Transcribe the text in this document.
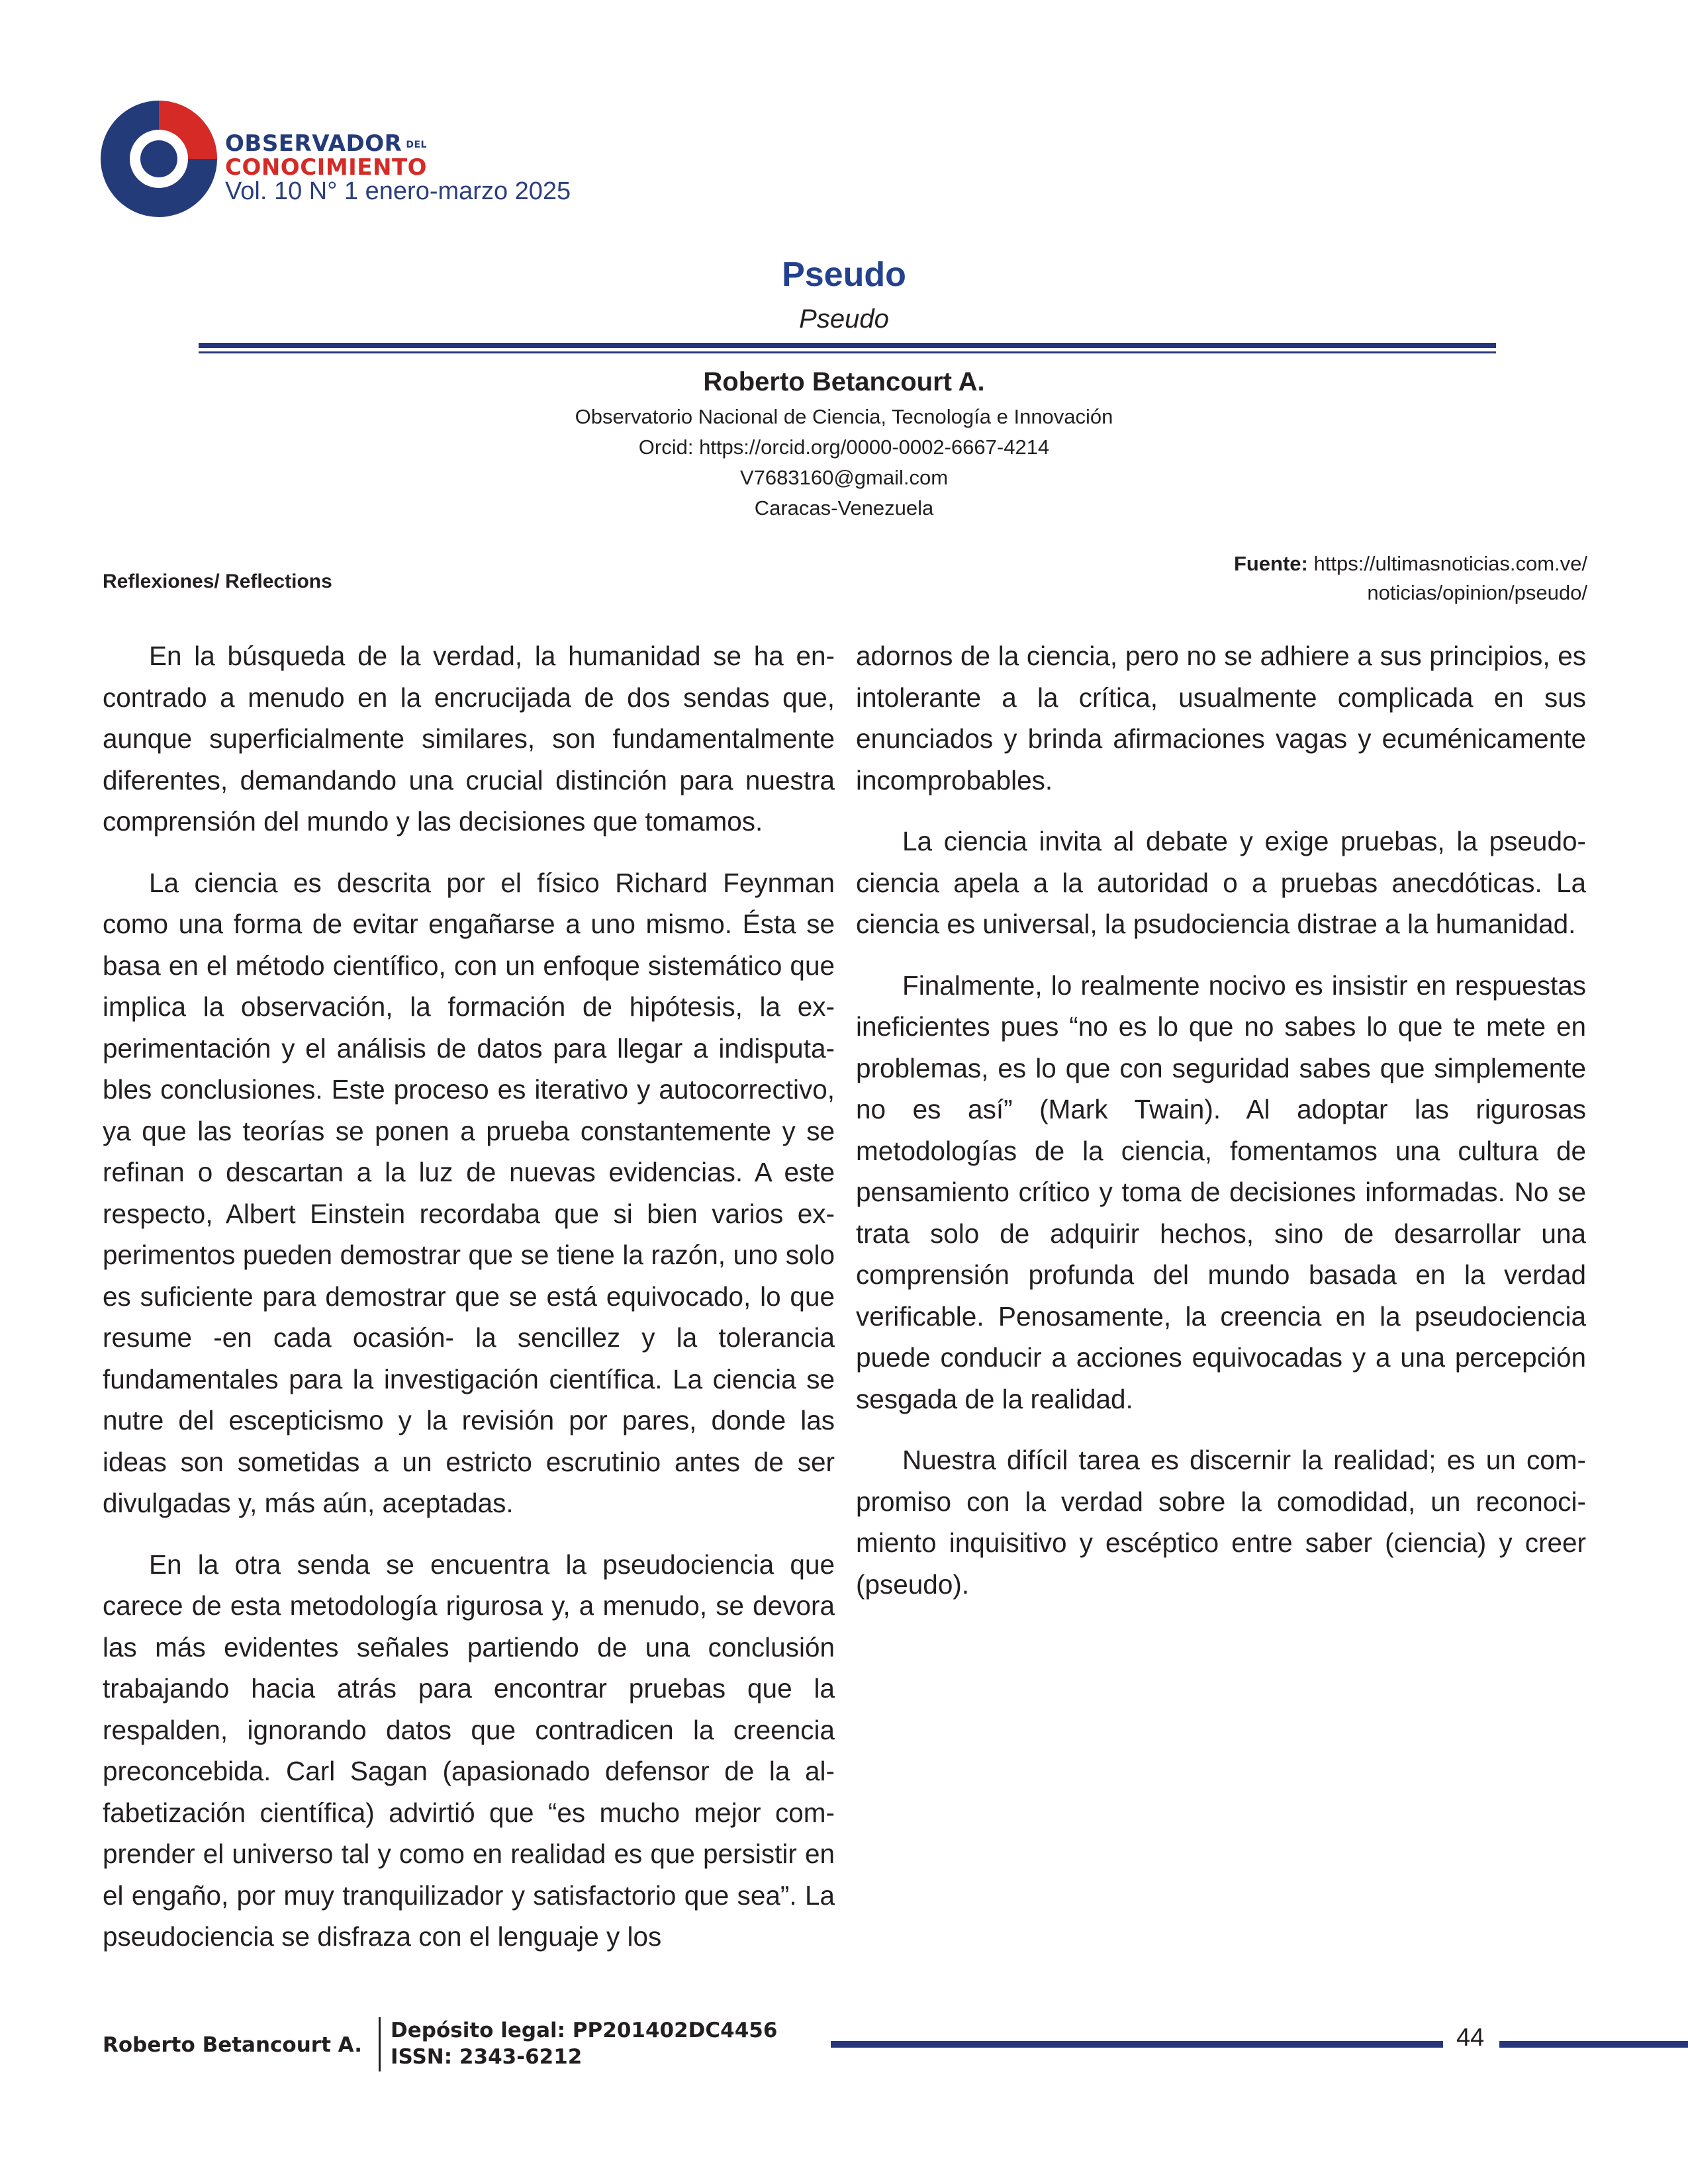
OBSERVADOR DEL
CONOCIMIENTO
Vol. 10 N° 1 enero-marzo 2025
Pseudo
Pseudo
Roberto Betancourt A.
Observatorio Nacional de Ciencia, Tecnología e Innovación
Orcid: https://orcid.org/0000-0002-6667-4214
V7683160@gmail.com
Caracas-Venezuela
Reflexiones/ Reflections
Fuente: https://ultimasnoticias.com.ve/
noticias/opinion/pseudo/

En la búsqueda de la verdad, la humanidad se ha encontrado a menudo en la encrucijada de dos sendas que, aunque superficialmente similares, son fundamentalmente diferentes, demandando una crucial distinción para nuestra comprensión del mundo y las decisiones que tomamos.

La ciencia es descrita por el físico Richard Feynman como una forma de evitar engañarse a uno mismo. Ésta se basa en el método científico, con un enfoque sistemático que implica la observación, la formación de hipótesis, la experimentación y el análisis de datos para llegar a indisputables conclusiones. Este proceso es iterativo y autocorrectivo, ya que las teorías se ponen a prueba constantemente y se refinan o descartan a la luz de nuevas evidencias. A este respecto, Albert Einstein recordaba que si bien varios experimentos pueden demostrar que se tiene la razón, uno solo es suficiente para demostrar que se está equivocado, lo que resume -en cada ocasión- la sencillez y la tolerancia fundamentales para la investigación científica. La ciencia se nutre del escepticismo y la revisión por pares, donde las ideas son sometidas a un estricto escrutinio antes de ser divulgadas y, más aún, aceptadas.

En la otra senda se encuentra la pseudociencia que carece de esta metodología rigurosa y, a menudo, se devora las más evidentes señales partiendo de una conclusión trabajando hacia atrás para encontrar pruebas que la respalden, ignorando datos que contradicen la creencia preconcebida. Carl Sagan (apasionado defensor de la alfabetización científica) advirtió que “es mucho mejor comprender el universo tal y como en realidad es que persistir en el engaño, por muy tranquilizador y satisfactorio que sea”. La pseudociencia se disfraza con el lenguaje y los

adornos de la ciencia, pero no se adhiere a sus principios, es intolerante a la crítica, usualmente complicada en sus enunciados y brinda afirmaciones vagas y ecuménicamente incomprobables.

La ciencia invita al debate y exige pruebas, la pseudociencia apela a la autoridad o a pruebas anecdóticas. La ciencia es universal, la psudociencia distrae a la humanidad.

Finalmente, lo realmente nocivo es insistir en respuestas ineficientes pues “no es lo que no sabes lo que te mete en problemas, es lo que con seguridad sabes que simplemente no es así” (Mark Twain). Al adoptar las rigurosas metodologías de la ciencia, fomentamos una cultura de pensamiento crítico y toma de decisiones informadas. No se trata solo de adquirir hechos, sino de desarrollar una comprensión profunda del mundo basada en la verdad verificable. Penosamente, la creencia en la pseudociencia puede conducir a acciones equivocadas y a una percepción sesgada de la realidad.

Nuestra difícil tarea es discernir la realidad; es un compromiso con la verdad sobre la comodidad, un reconocimiento inquisitivo y escéptico entre saber (ciencia) y creer (pseudo).

Roberto Betancourt A.
Depósito legal: PP201402DC4456
ISSN: 2343-6212
44
